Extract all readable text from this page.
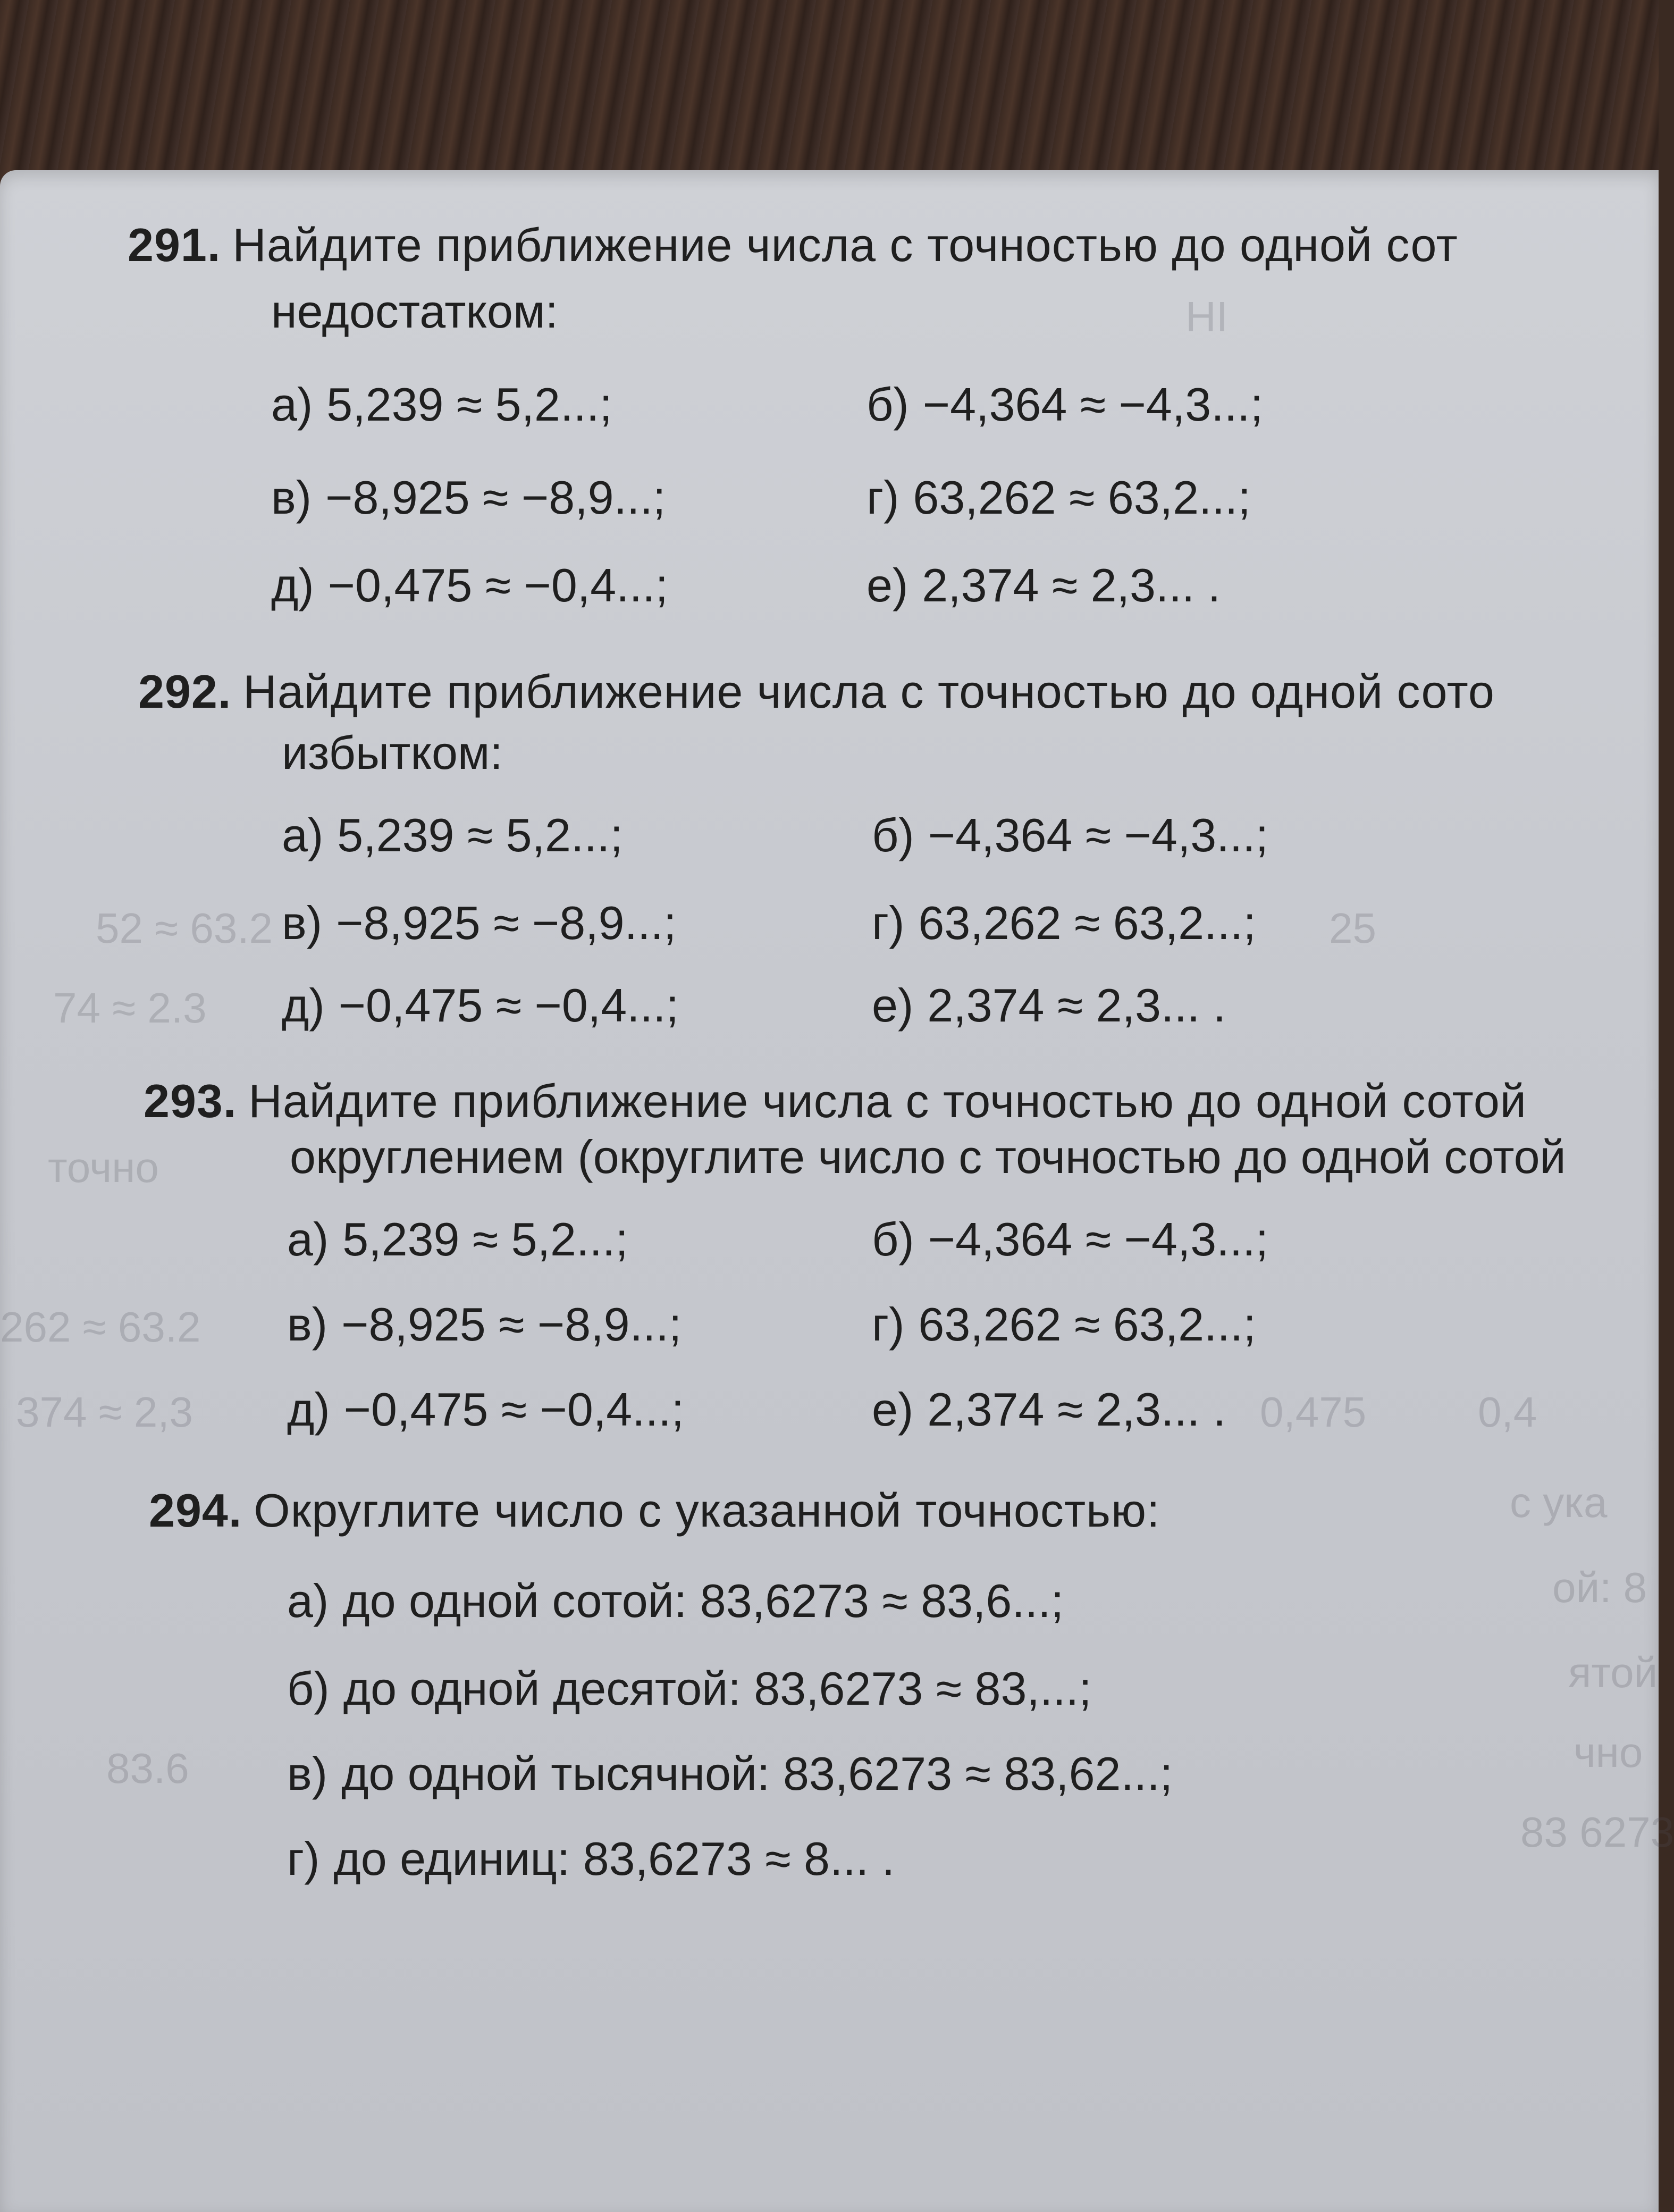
НІ
25
52 ≈ 63.2
74 ≈ 2.3
точно
262 ≈ 63.2
374 ≈ 2,3	0,475	0,4
с ука
ой: 8
ятой
чно
83 6273
83.6
291. Найдите приближение числа с точностью до одной сот
недостатком:
а) 5,239 ≈ 5,2...;	б) −4,364 ≈ −4,3...;
в) −8,925 ≈ −8,9...;	г) 63,262 ≈ 63,2...;
д) −0,475 ≈ −0,4...;	е) 2,374 ≈ 2,3... .
292. Найдите приближение числа с точностью до одной сото
избытком:
а) 5,239 ≈ 5,2...;	б) −4,364 ≈ −4,3...;
в) −8,925 ≈ −8,9...;	г) 63,262 ≈ 63,2...;
д) −0,475 ≈ −0,4...;	е) 2,374 ≈ 2,3... .
293. Найдите приближение числа с точностью до одной сотой
округлением (округлите число с точностью до одной сотой
а) 5,239 ≈ 5,2...;	б) −4,364 ≈ −4,3...;
в) −8,925 ≈ −8,9...;	г) 63,262 ≈ 63,2...;
д) −0,475 ≈ −0,4...;	е) 2,374 ≈ 2,3... .
294. Округлите число с указанной точностью:
а) до одной сотой: 83,6273 ≈ 83,6...;
б) до одной десятой: 83,6273 ≈ 83,...;
в) до одной тысячной: 83,6273 ≈ 83,62...;
г) до единиц: 83,6273 ≈ 8... .
